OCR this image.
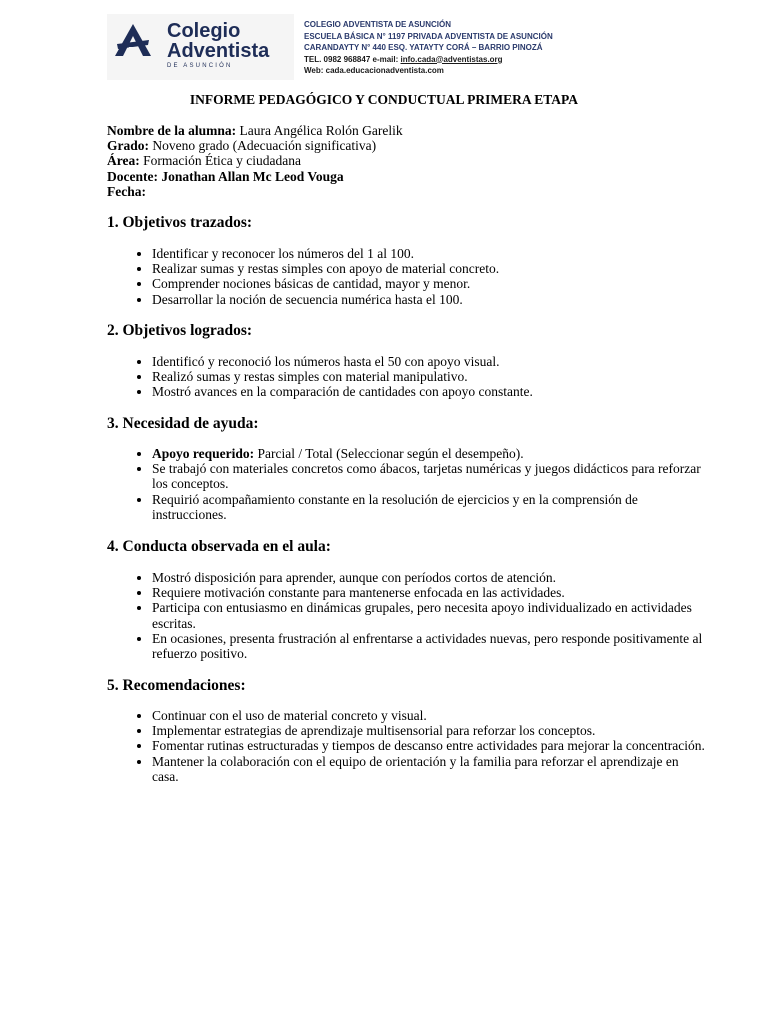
Colegio
Adventista
DE ASUNCIÓN
COLEGIO ADVENTISTA DE ASUNCIÓN
ESCUELA BÁSICA N° 1197 PRIVADA ADVENTISTA DE ASUNCIÓN
CARANDAYTY N° 440 ESQ. YATAYTY CORÁ – BARRIO PINOZÁ
TEL. 0982 968847 e-mail: info.cada@adventistas.org
Web: cada.educacionadventista.com
INFORME PEDAGÓGICO Y CONDUCTUAL PRIMERA ETAPA
Nombre de la alumna: Laura Angélica Rolón Garelik
Grado: Noveno grado (Adecuación significativa)
Área: Formación Ética y ciudadana
Docente: Jonathan Allan Mc Leod Vouga
Fecha:
1. Objetivos trazados:
• Identificar y reconocer los números del 1 al 100.
• Realizar sumas y restas simples con apoyo de material concreto.
• Comprender nociones básicas de cantidad, mayor y menor.
• Desarrollar la noción de secuencia numérica hasta el 100.
2. Objetivos logrados:
• Identificó y reconoció los números hasta el 50 con apoyo visual.
• Realizó sumas y restas simples con material manipulativo.
• Mostró avances en la comparación de cantidades con apoyo constante.
3. Necesidad de ayuda:
• Apoyo requerido: Parcial / Total (Seleccionar según el desempeño).
• Se trabajó con materiales concretos como ábacos, tarjetas numéricas y juegos didácticos para reforzar los conceptos.
• Requirió acompañamiento constante en la resolución de ejercicios y en la comprensión de instrucciones.
4. Conducta observada en el aula:
• Mostró disposición para aprender, aunque con períodos cortos de atención.
• Requiere motivación constante para mantenerse enfocada en las actividades.
• Participa con entusiasmo en dinámicas grupales, pero necesita apoyo individualizado en actividades escritas.
• En ocasiones, presenta frustración al enfrentarse a actividades nuevas, pero responde positivamente al refuerzo positivo.
5. Recomendaciones:
• Continuar con el uso de material concreto y visual.
• Implementar estrategias de aprendizaje multisensorial para reforzar los conceptos.
• Fomentar rutinas estructuradas y tiempos de descanso entre actividades para mejorar la concentración.
• Mantener la colaboración con el equipo de orientación y la familia para reforzar el aprendizaje en casa.
